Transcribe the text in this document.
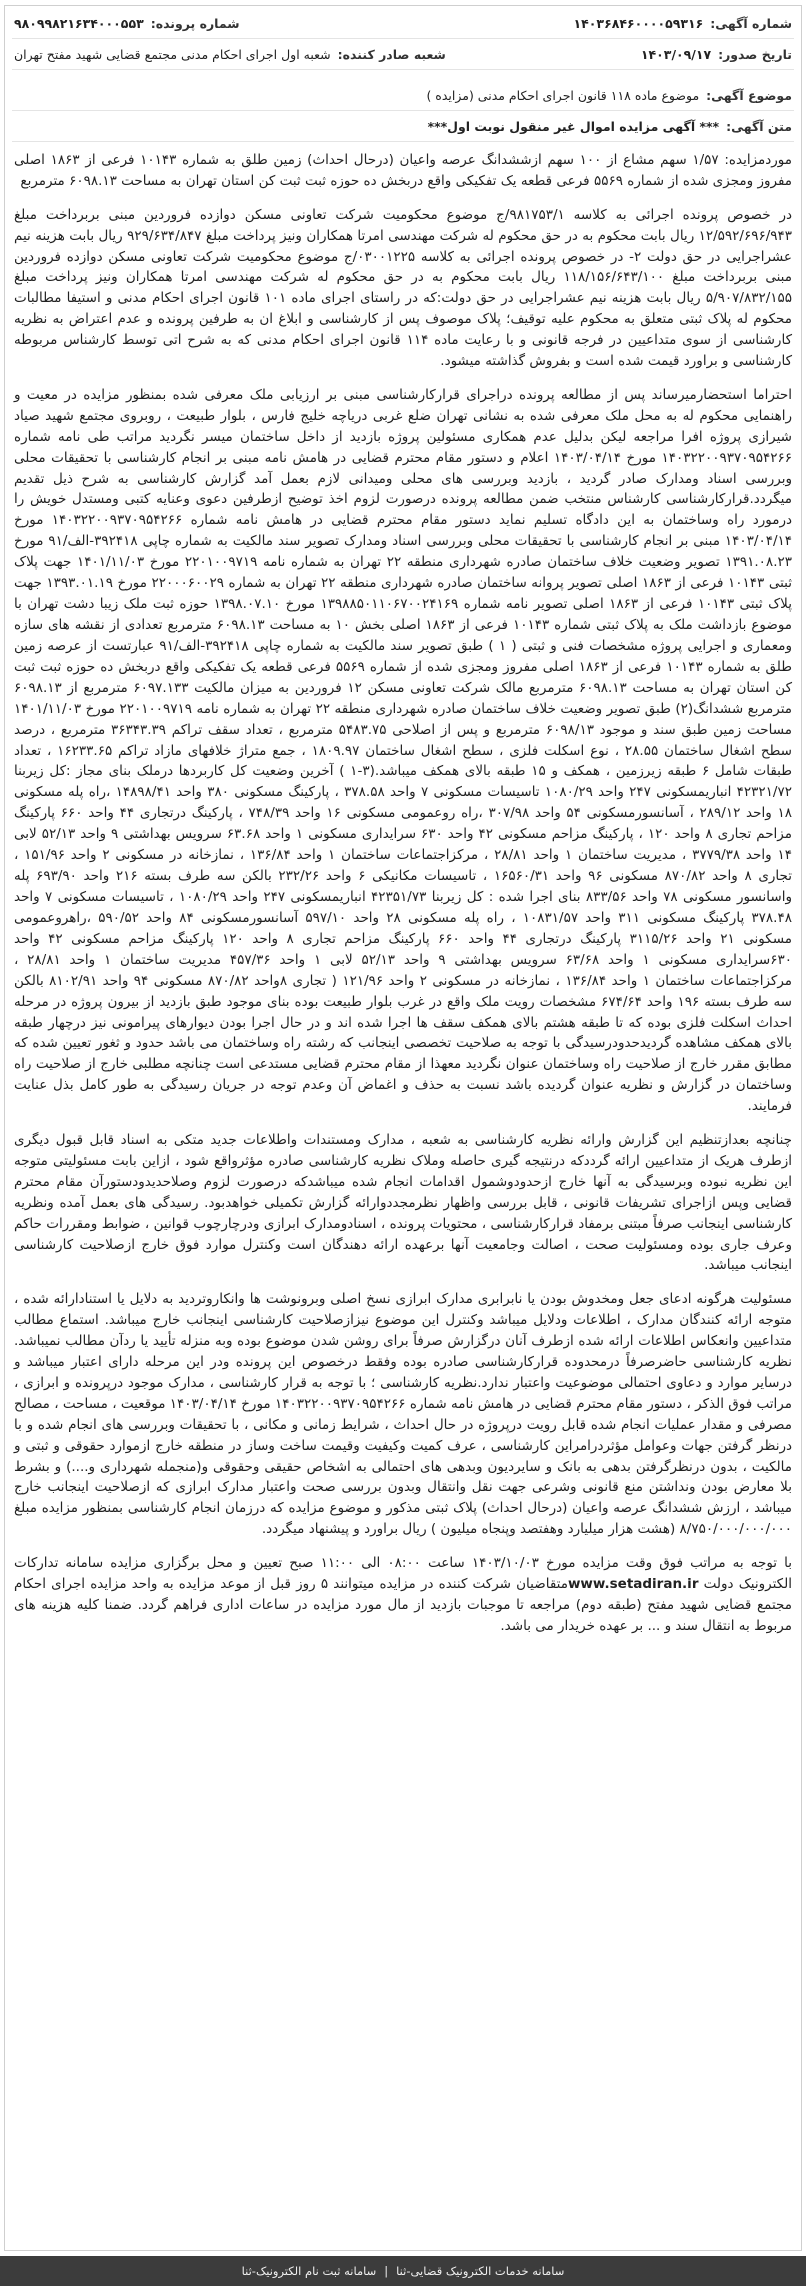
شماره آگهی:
۱۴۰۳۶۸۴۶۰۰۰۰۵۹۳۱۶
شماره پرونده:
۹۸۰۹۹۸۲۱۶۳۴۰۰۰۵۵۳
تاریخ صدور:
۱۴۰۳/۰۹/۱۷
شعبه صادر کننده:
شعبه اول اجرای احکام مدنی مجتمع قضایی شهید مفتح تهران
موضوع آگهی:
موضوع ماده ۱۱۸ قانون اجرای احکام مدنی (مزایده )
متن آگهی:
*** آگهی مزایده اموال غیر منقول نوبت اول***

موردمزایده: ۱/۵۷ سهم مشاع از ۱۰۰ سهم ازششدانگ عرصه واعیان (درحال احداث) زمین طلق به شماره ۱۰۱۴۳ فرعی از ۱۸۶۳ اصلی مفروز ومجزی شده از شماره ۵۵۶۹ فرعی قطعه یک تفکیکی واقع دربخش ده حوزه ثبت ثبت کن استان تهران به مساحت ۶۰۹۸.۱۳ مترمربع

در خصوص پرونده اجرائی به کلاسه ۹۸۱۷۵۳/۱/ج موضوع محکومیت شرکت تعاونی مسکن دوازده فروردین مبنی بربرداخت مبلغ ۱۲/۵۹۲/۶۹۶/۹۴۳ ریال بابت محکوم به در حق محکوم له شرکت مهندسی امرتا همکاران ونیز پرداخت مبلغ ۹۲۹/۶۳۴/۸۴۷ ریال بابت هزینه نیم عشراجرایی در حق دولت ۲- در خصوص پرونده اجرائی به کلاسه ۰۳۰۰۱۲۲۵/ج موضوع محکومیت شرکت تعاونی مسکن دوازده فروردین مبنی بربرداخت مبلغ ۱۱۸/۱۵۶/۶۴۳/۱۰۰ ریال بابت محکوم به در حق محکوم له شرکت مهندسی امرتا همکاران ونیز پرداخت مبلغ ۵/۹۰۷/۸۳۲/۱۵۵ ریال بابت هزینه نیم عشراجرایی در حق دولت:که در راستای اجرای ماده ۱۰۱ قانون اجرای احکام مدنی و استیفا مطالبات محکوم له پلاک ثبتی متعلق به محکوم علیه توقیف؛ پلاک موصوف پس از کارشناسی و ابلاغ ان به طرفین پرونده و عدم اعتراض به نظریه کارشناسی از سوی متداعیین در فرجه قانونی و با رعایت ماده ۱۱۴ قانون اجرای احکام مدنی که به شرح اتی توسط کارشناس مربوطه کارشناسی و براورد قیمت شده است و بفروش گذاشته میشود.

احتراما استحضارمیرساند پس از مطالعه پرونده دراجرای قرارکارشناسی مبنی بر ارزیابی ملک معرفی شده بمنظور مزایده در معیت و راهنمایی محکوم له به محل ملک معرفی شده به نشانی تهران ضلع غربی دریاچه خلیج فارس ، بلوار طبیعت ، روبروی مجتمع شهید صیاد شیرازی پروژه افرا مراجعه لیکن بدلیل عدم همکاری مسئولین پروژه بازدید از داخل ساختمان میسر نگردید مراتب طی نامه شماره ۱۴۰۳۲۲۰۰۹۳۷۰۹۵۴۲۶۶ مورخ ۱۴۰۳/۰۴/۱۴ اعلام و دستور مقام محترم قضایی در هامش نامه مبنی بر انجام کارشناسی با تحقیقات محلی وبررسی اسناد ومدارک صادر گردید ، بازدید وبررسی های محلی ومیدانی لازم بعمل آمد گزارش کارشناسی به شرح ذیل تقدیم میگردد.قرارکارشناسی کارشناس منتخب ضمن مطالعه پرونده درصورت لزوم اخذ توضیح ازطرفین دعوی وعنایه کتبی ومستدل خویش را درمورد راه وساختمان به این دادگاه تسلیم نماید دستور مقام محترم قضایی در هامش نامه شماره ۱۴۰۳۲۲۰۰۹۳۷۰۹۵۴۲۶۶ مورخ ۱۴۰۳/۰۴/۱۴ مبنی بر انجام کارشناسی با تحقیقات محلی وبررسی اسناد ومدارک تصویر سند مالکیت به شماره چاپی ۳۹۲۴۱۸-الف/۹۱ مورخ ۱۳۹۱.۰۸.۲۳ تصویر وضعیت خلاف ساختمان صادره شهرداری منطقه ۲۲ تهران به شماره نامه ۲۲۰۱۰۰۹۷۱۹ مورخ ۱۴۰۱/۱۱/۰۳ جهت پلاک ثبتی ۱۰۱۴۳ فرعی از ۱۸۶۳ اصلی تصویر پروانه ساختمان صادره شهرداری منطقه ۲۲ تهران به شماره ۲۲۰۰۰۶۰۰۲۹ مورخ ۱۳۹۳.۰۱.۱۹ جهت پلاک ثبتی ۱۰۱۴۳ فرعی از ۱۸۶۳ اصلی تصویر نامه شماره ۱۳۹۸۸۵۰۱۱۰۶۷۰۰۲۴۱۶۹ مورخ ۱۳۹۸.۰۷.۱۰ حوزه ثبت ملک زیبا دشت تهران با موضوع بازداشت ملک به پلاک ثبتی شماره ۱۰۱۴۳ فرعی از ۱۸۶۳ اصلی بخش ۱۰ به مساحت ۶۰۹۸.۱۳ مترمربع تعدادی از نقشه های سازه ومعماری و اجرایی پروژه مشخصات فنی و ثبتی ( ۱ ) طبق تصویر سند مالکیت به شماره چاپی ۳۹۲۴۱۸-الف/۹۱ عبارتست از عرصه زمین طلق به شماره ۱۰۱۴۳ فرعی از ۱۸۶۳ اصلی مفروز ومجزی شده از شماره ۵۵۶۹ فرعی قطعه یک تفکیکی واقع دربخش ده حوزه ثبت ثبت کن استان تهران به مساحت ۶۰۹۸.۱۳ مترمربع مالک شرکت تعاونی مسکن ۱۲ فروردین به میزان مالکیت ۶۰۹۷.۱۳۳ مترمربع از ۶۰۹۸.۱۳ مترمربع ششدانگ(۲) طبق تصویر وضعیت خلاف ساختمان صادره شهرداری منطقه ۲۲ تهران به شماره نامه ۲۲۰۱۰۰۹۷۱۹ مورخ ۱۴۰۱/۱۱/۰۳ مساحت زمین طبق سند و موجود ۶۰۹۸/۱۳ مترمربع و پس از اصلاحی ۵۴۸۳.۷۵ مترمربع ، تعداد سقف تراکم ۳۶۳۴۳.۳۹ مترمربع ، درصد سطح اشغال ساختمان ۲۸.۵۵ ، نوع اسکلت فلزی ، سطح اشغال ساختمان ۱۸۰۹.۹۷ ، جمع متراژ خلافهای مازاد تراکم ۱۶۲۳۳.۶۵ ، تعداد طبقات شامل ۶ طبقه زیرزمین ، همکف و ۱۵ طبقه بالای همکف میباشد.(۳-۱ ) آخرین وضعیت کل کاربردها درملک بنای مجاز :کل زیربنا ۴۲۳۲۱/۷۲ انباریمسکونی ۲۴۷ واحد ۱۰۸۰/۲۹ تاسیسات مسکونی ۷ واحد ۳۷۸.۵۸ ، پارکینگ مسکونی ۳۸۰ واحد ۱۴۸۹۸/۴۱ ،راه پله مسکونی ۱۸ واحد ۲۸۹/۱۲ ، آسانسورمسکونی ۵۴ واحد ۳۰۷/۹۸ ،راه روعمومی مسکونی ۱۶ واحد ۷۴۸/۳۹ ، پارکینگ درتجاری ۴۴ واحد ۶۶۰ پارکینگ مزاحم تجاری ۸ واحد ۱۲۰ ، پارکینگ مزاحم مسکونی ۴۲ واحد ۶۳۰ سرایداری مسکونی ۱ واحد ۶۳.۶۸ سرویس بهداشتی ۹ واحد ۵۲/۱۳ لابی ۱۴ واحد ۳۷۷۹/۳۸ ، مدیریت ساختمان ۱ واحد ۲۸/۸۱ ، مرکزاجتماعات ساختمان ۱ واحد ۱۳۶/۸۴ ، نمازخانه در مسکونی ۲ واحد ۱۵۱/۹۶ ، تجاری ۸ واحد ۸۷۰/۸۲ مسکونی ۹۶ واحد ۱۶۵۶۰/۳۱ ، تاسیسات مکانیکی ۶ واحد ۲۳۲/۲۶ بالکن سه طرف بسته ۲۱۶ واحد ۶۹۳/۹۰ پله واسانسور مسکونی ۷۸ واحد ۸۳۳/۵۶ بنای اجرا شده : کل زیربنا ۴۲۳۵۱/۷۳ انباریمسکونی ۲۴۷ واحد ۱۰۸۰/۲۹ ، تاسیسات مسکونی ۷ واحد ۳۷۸.۴۸ پارکینگ مسکونی ۳۱۱ واحد ۱۰۸۳۱/۵۷ ، راه پله مسکونی ۲۸ واحد ۵۹۷/۱۰ آسانسورمسکونی ۸۴ واحد ۵۹۰/۵۲ ،راهروعمومی مسکونی ۲۱ واحد ۳۱۱۵/۲۶ پارکینگ درتجاری ۴۴ واحد ۶۶۰ پارکینگ مزاحم تجاری ۸ واحد ۱۲۰ پارکینگ مزاحم مسکونی ۴۲ واحد ۶۳۰سرایداری مسکونی ۱ واحد ۶۳/۶۸ سرویس بهداشتی ۹ واحد ۵۲/۱۳ لابی ۱ واحد ۴۵۷/۳۶ مدیریت ساختمان ۱ واحد ۲۸/۸۱ ، مرکزاجتماعات ساختمان ۱ واحد ۱۳۶/۸۴ ، نمازخانه در مسکونی ۲ واحد ۱۲۱/۹۶ ( تجاری ۸واحد ۸۷۰/۸۲ مسکونی ۹۴ واحد ۸۱۰۲/۹۱ بالکن سه طرف بسته ۱۹۶ واحد ۶۷۴/۶۴ مشخصات رویت ملک واقع در غرب بلوار طبیعت بوده بنای موجود طبق بازدید از بیرون پروژه در مرحله احداث اسکلت فلزی بوده که تا طبقه هشتم بالای همکف سقف ها اجرا شده اند و در حال اجرا بودن دیوارهای پیرامونی نیز درچهار طبقه بالای همکف مشاهده گردیدحدودرسیدگی با توجه به صلاحیت تخصصی اینجانب که رشته راه وساختمان می باشد حدود و ثغور تعیین شده که مطابق مقرر خارج از صلاحیت راه وساختمان عنوان نگردید معهذا از مقام محترم قضایی مستدعی است چنانچه مطلبی خارج از صلاحیت راه وساختمان در گزارش و نظریه عنوان گردیده باشد نسبت به حذف و اغماض آن وعدم توجه در جریان رسیدگی به طور کامل بذل عنایت فرمایند.

چنانچه بعدازتنظیم این گزارش وارائه نظریه کارشناسی به شعبه ، مدارک ومستندات واطلاعات جدید متکی به اسناد قابل قبول دیگری ازطرف هریک از متداعیین ارائه گرددکه درنتیجه گیری حاصله وملاک نظریه کارشناسی صادره مؤثرواقع شود ، ازاین بابت مسئولیتی متوجه این نظریه نبوده وبرسیدگی به آنها خارج ازحدودوشمول اقدامات انجام شده میباشدکه درصورت لزوم وصلاحدیدودستورآن مقام محترم قضایی وپس ازاجرای تشریفات قانونی ، قابل بررسی واظهار نظرمجددوارائه گزارش تکمیلی خواهدبود. رسیدگی های بعمل آمده ونظریه کارشناسی اینجانب صرفاً مبتنی برمفاد قرارکارشناسی ، محتویات پرونده ، اسنادومدارک ابرازی ودرچارچوب قوانین ، ضوابط ومقررات حاکم وعرف جاری بوده ومسئولیت صحت ، اصالت وجامعیت آنها برعهده ارائه دهندگان است وکنترل موارد فوق خارج ازصلاحیت کارشناسی اینجانب میباشد.

مسئولیت هرگونه ادعای جعل ومخدوش بودن یا نابرابری مدارک ابرازی نسخ اصلی وبرونوشت ها وانکاروتردید به دلایل یا استنادارائه شده ، متوجه ارائه کنندگان مدارک ، اطلاعات ودلایل میباشد وکنترل این موضوع نیزازصلاحیت کارشناسی اینجانب خارج میباشد. استماع مطالب متداعیین وانعکاس اطلاعات ارائه شده ازطرف آنان درگزارش صرفاً برای روشن شدن موضوع بوده وبه منزله تأیید یا ردآن مطالب نمیباشد. نظریه کارشناسی حاضرصرفاً درمحدوده قرارکارشناسی صادره بوده وفقط درخصوص این پرونده ودر این مرحله دارای اعتبار میباشد و درسایر موارد و دعاوی احتمالی موضوعیت واعتبار ندارد.نظریه کارشناسی ؛ با توجه به قرار کارشناسی ، مدارک موجود درپرونده و ابرازی ، مراتب فوق الذکر ، دستور مقام محترم قضایی در هامش نامه شماره ۱۴۰۳۲۲۰۰۹۳۷۰۹۵۴۲۶۶ مورخ ۱۴۰۳/۰۴/۱۴ موقعیت ، مساحت ، مصالح مصرفی و مقدار عملیات انجام شده قابل رویت درپروژه در حال احداث ، شرایط زمانی و مکانی ، با تحقیقات وبررسی های انجام شده و با درنظر گرفتن جهات وعوامل مؤثردرامراین کارشناسی ، عرف کمیت وکیفیت وقیمت ساخت وساز در منطقه خارج ازموارد حقوقی و ثبتی و مالکیت ، بدون درنظرگرفتن بدهی به بانک و سایردیون وبدهی های احتمالی به اشخاص حقیقی وحقوقی و(منجمله شهرداری و....) و بشرط بلا معارض بودن ونداشتن منع قانونی وشرعی جهت نقل وانتقال وبدون بررسی صحت واعتبار مدارک ابرازی که ازصلاحیت اینجانب خارج میباشد ، ارزش ششدانگ عرصه واعیان (درحال احداث) پلاک ثبتی مذکور و موضوع مزایده که درزمان انجام کارشناسی بمنظور مزایده مبلغ ۸/۷۵۰/۰۰۰/۰۰۰/۰۰۰ (هشت هزار میلیارد وهفتصد وپنجاه میلیون ) ریال براورد و پیشنهاد میگردد.

با توجه به مراتب فوق وقت مزایده مورخ ۱۴۰۳/۱۰/۰۳ ساعت ۰۸:۰۰ الی ۱۱:۰۰ صبح تعیین و محل برگزاری مزایده سامانه تدارکات الکترونیک دولت www.setadiran.irمتقاضیان شرکت کننده در مزایده میتوانند ۵ روز قبل از موعد مزایده به واحد مزایده اجرای احکام مجتمع قضایی شهید مفتح (طبقه دوم) مراجعه تا موجبات بازدید از مال مورد مزایده در ساعات اداری فراهم گردد. ضمنا کلیه هزینه های مربوط به انتقال سند و ... بر عهده خریدار می باشد.

سامانه خدمات الکترونیک قضایی-ثنا
|
سامانه ثبت نام الکترونیک-ثنا
